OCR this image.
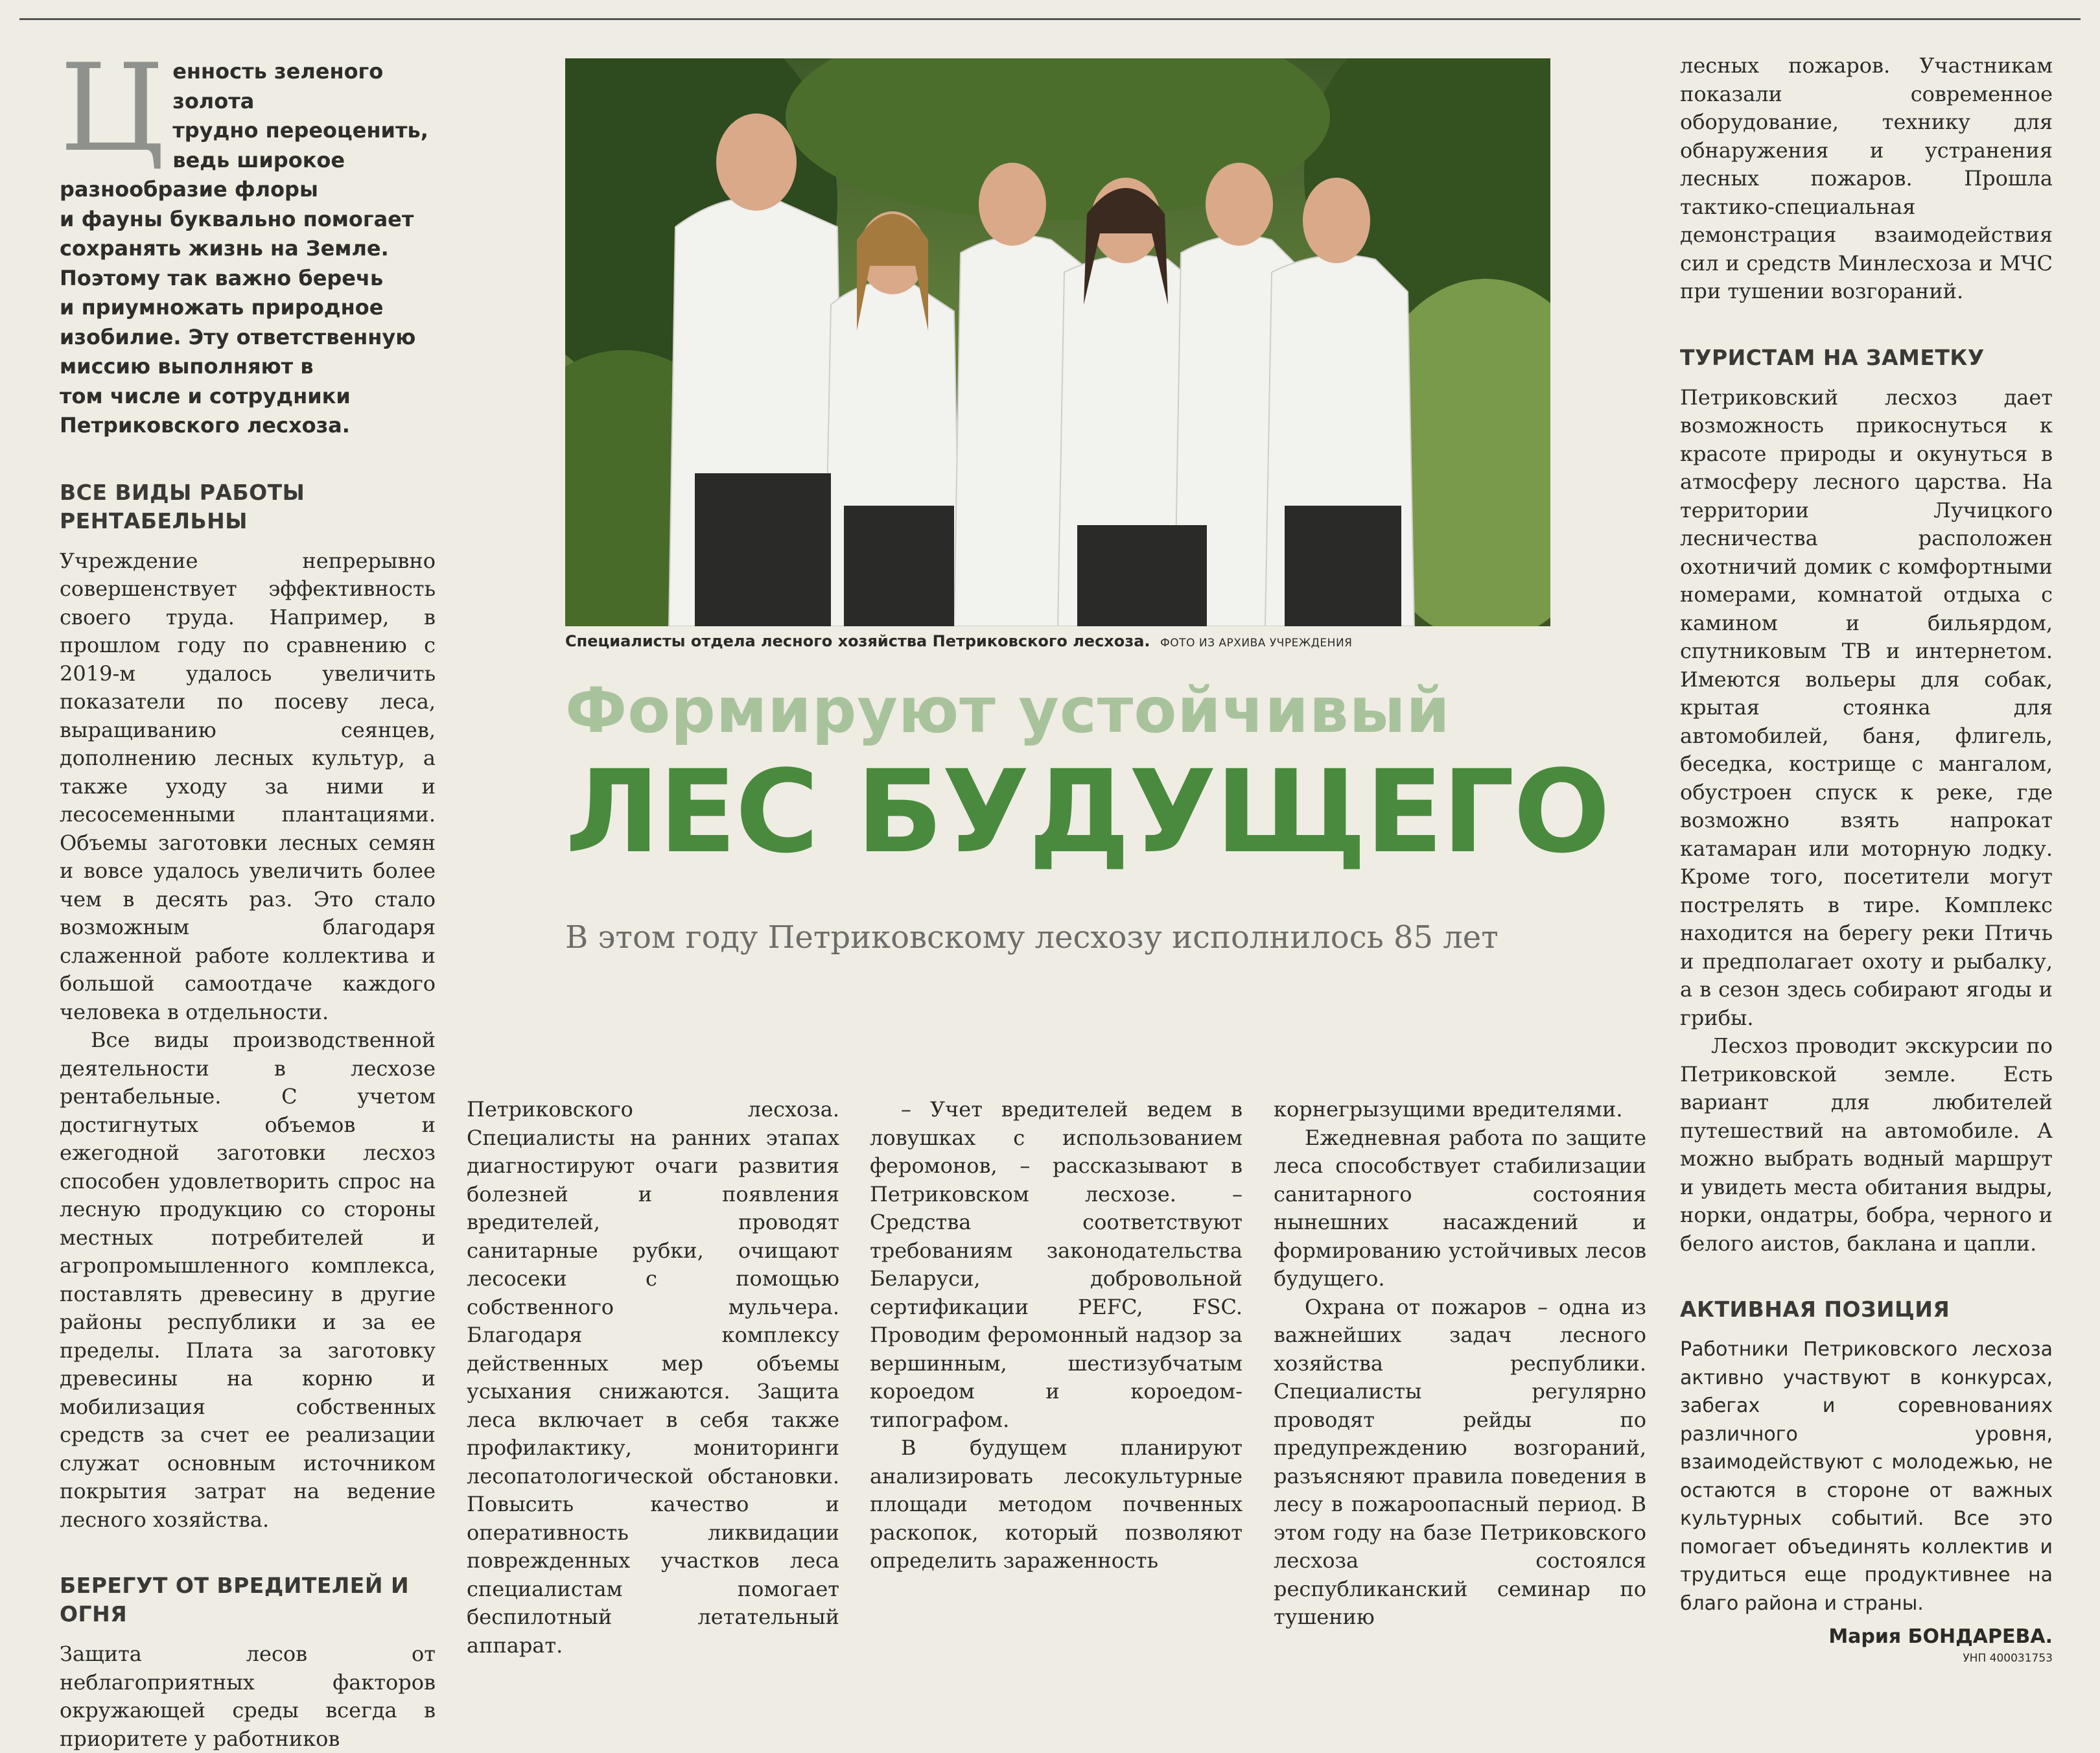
Ц енность зеленого золота
трудно переоценить,
ведь широкое
разнообразие флоры
и фауны буквально помогает
сохранять жизнь на Земле.
Поэтому так важно беречь
и приумножать природное
изобилие. Эту ответственную
миссию выполняют в
том числе и сотрудники
Петриковского лесхоза.
ВСЕ ВИДЫ РАБОТЫ РЕНТАБЕЛЬНЫ

Учреждение непрерывно совершенствует эффективность своего труда. Например, в прошлом году по сравнению с 2019-м удалось увеличить показатели по посеву леса, выращиванию сеянцев, дополнению лесных культур, а также уходу за ними и лесосеменными плантациями. Объемы заготовки лесных семян и вовсе удалось увеличить более чем в десять раз. Это стало возможным благодаря слаженной работе коллектива и большой самоотдаче каждого человека в отдельности.

Все виды производственной деятельности в лесхозе рентабельные. С учетом достигнутых объемов и ежегодной заготовки лесхоз способен удовлетворить спрос на лесную продукцию со стороны местных потребителей и агропромышленного комплекса, поставлять древесину в другие районы республики и за ее пределы. Плата за заготовку древесины на корню и мобилизация собственных средств за счет ее реализации служат основным источником покрытия затрат на ведение лесного хозяйства.

БЕРЕГУТ ОТ ВРЕДИТЕЛЕЙ И ОГНЯ

Защита лесов от неблагоприятных факторов окружающей среды всегда в приоритете у работников

Специалисты отдела лесного хозяйства Петриковского лесхоза. ФОТО ИЗ АРХИВА УЧРЕЖДЕНИЯ
Формируют устойчивый
ЛЕС БУДУЩЕГО
В этом году Петриковскому лесхозу исполнилось 85 лет

Петриковского лесхоза. Специалисты на ранних этапах диагностируют очаги развития болезней и появления вредителей, проводят санитарные рубки, очищают лесосеки с помощью собственного мульчера. Благодаря комплексу действенных мер объемы усыхания снижаются. Защита леса включает в себя также профилактику, мониторинги лесопатологической обстановки. Повысить качество и оперативность ликвидации поврежденных участков леса специалистам помогает беспилотный летательный аппарат.

– Учет вредителей ведем в ловушках с использованием феромонов, – рассказывают в Петриковском лесхозе. – Средства соответствуют требованиям законодательства Беларуси, добровольной сертификации PEFC, FSC. Проводим феромонный надзор за вершинным, шестизубчатым короедом и короедом-типографом.

В будущем планируют анализировать лесокультурные площади методом почвенных раскопок, который позволяют определить зараженность

корнегрызущими вредителями.

Ежедневная работа по защите леса способствует стабилизации санитарного состояния нынешних насаждений и формированию устойчивых лесов будущего.

Охрана от пожаров – одна из важнейших задач лесного хозяйства республики. Специалисты регулярно проводят рейды по предупреждению возгораний, разъясняют правила поведения в лесу в пожароопасный период. В этом году на базе Петриковского лесхоза состоялся республиканский семинар по тушению

лесных пожаров. Участникам показали современное оборудование, технику для обнаружения и устранения лесных пожаров. Прошла тактико-специальная демонстрация взаимодействия сил и средств Минлесхоза и МЧС при тушении возгораний.

ТУРИСТАМ НА ЗАМЕТКУ

Петриковский лесхоз дает возможность прикоснуться к красоте природы и окунуться в атмосферу лесного царства. На территории Лучицкого лесничества расположен охотничий домик с комфортными номерами, комнатой отдыха с камином и бильярдом, спутниковым ТВ и интернетом. Имеются вольеры для собак, крытая стоянка для автомобилей, баня, флигель, беседка, кострище с мангалом, обустроен спуск к реке, где возможно взять напрокат катамаран или моторную лодку. Кроме того, посетители могут пострелять в тире. Комплекс находится на берегу реки Птичь и предполагает охоту и рыбалку, а в сезон здесь собирают ягоды и грибы.

Лесхоз проводит экскурсии по Петриковской земле. Есть вариант для любителей путешествий на автомобиле. А можно выбрать водный маршрут и увидеть места обитания выдры, норки, ондатры, бобра, черного и белого аистов, баклана и цапли.

АКТИВНАЯ ПОЗИЦИЯ

Работники Петриковского лесхоза активно участвуют в конкурсах, забегах и соревнованиях различного уровня, взаимодействуют с молодежью, не остаются в стороне от важных культурных событий. Все это помогает объединять коллектив и трудиться еще продуктивнее на благо района и страны.

Мария БОНДАРЕВА.
УНП 400031753
